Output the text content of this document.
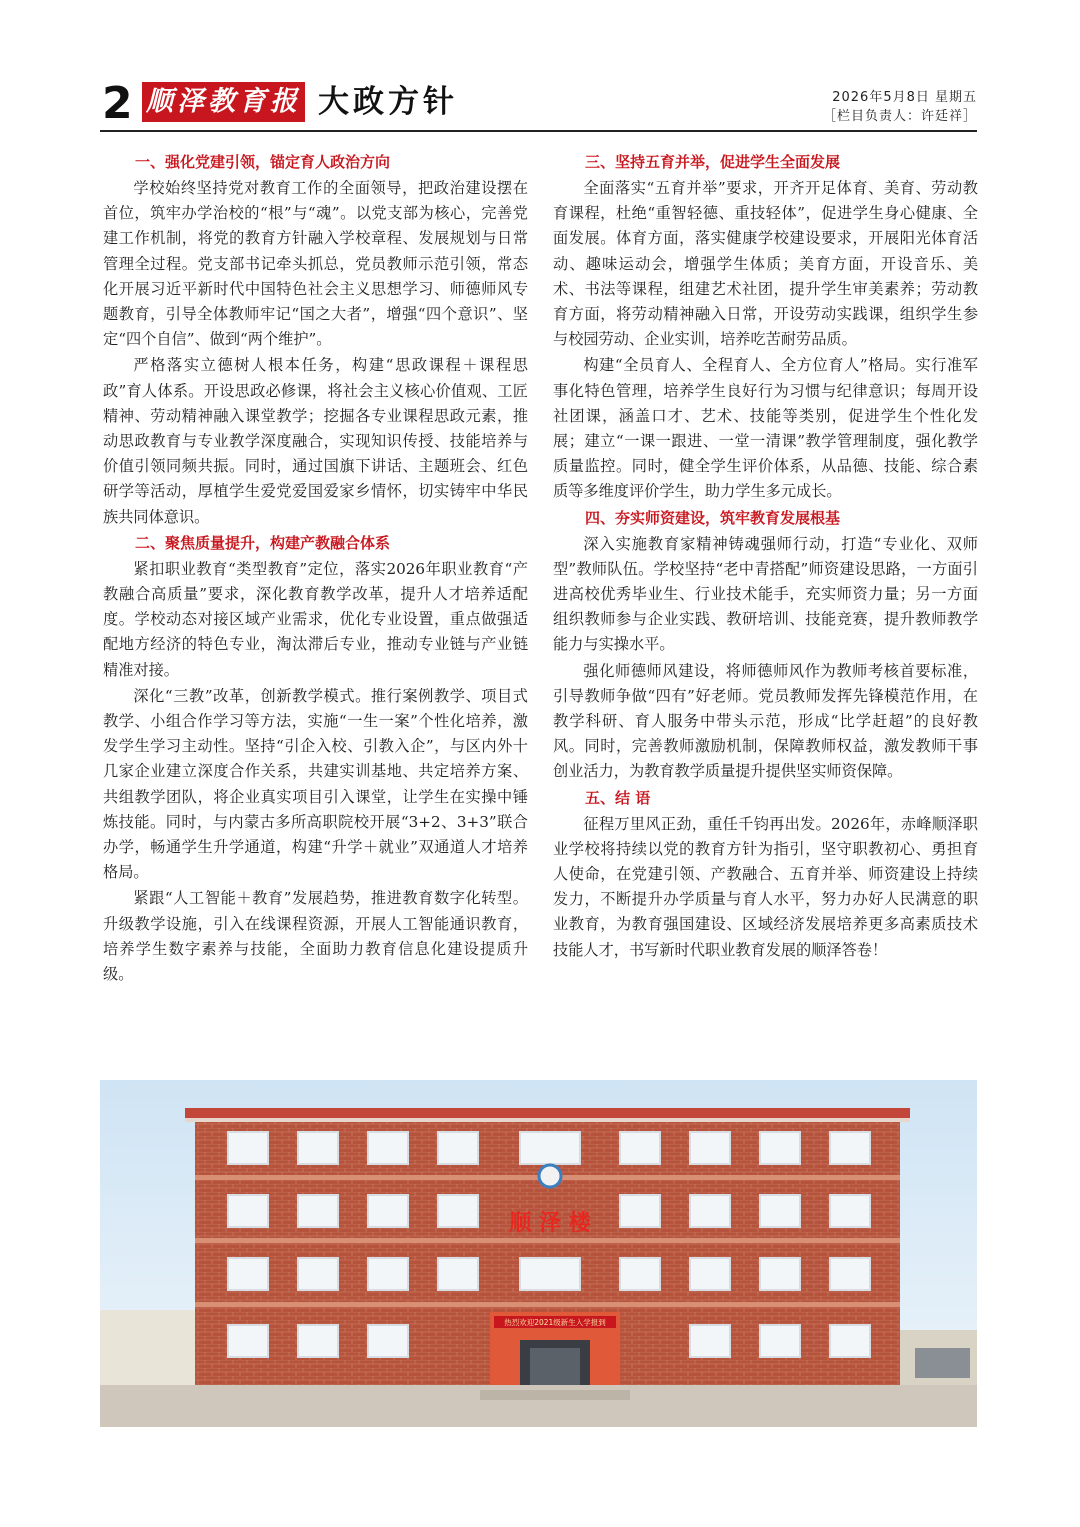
2 顺泽教育报 大政方针	2026年5月8日 星期五
［栏目负责人：许廷祥］
一、强化党建引领，锚定育人政治方向

学校始终坚持党对教育工作的全面领导，把政治建设摆在首位，筑牢办学治校的“根”与“魂”。以党支部为核心，完善党建工作机制，将党的教育方针融入学校章程、发展规划与日常管理全过程。党支部书记牵头抓总，党员教师示范引领，常态化开展习近平新时代中国特色社会主义思想学习、师德师风专题教育，引导全体教师牢记“国之大者”，增强“四个意识”、坚定“四个自信”、做到“两个维护”。

严格落实立德树人根本任务，构建“思政课程＋课程思政”育人体系。开设思政必修课，将社会主义核心价值观、工匠精神、劳动精神融入课堂教学；挖掘各专业课程思政元素，推动思政教育与专业教学深度融合，实现知识传授、技能培养与价值引领同频共振。同时，通过国旗下讲话、主题班会、红色研学等活动，厚植学生爱党爱国爱家乡情怀，切实铸牢中华民族共同体意识。

二、聚焦质量提升，构建产教融合体系

紧扣职业教育“类型教育”定位，落实2026年职业教育“产教融合高质量”要求，深化教育教学改革，提升人才培养适配度。学校动态对接区域产业需求，优化专业设置，重点做强适配地方经济的特色专业，淘汰滞后专业，推动专业链与产业链精准对接。

深化“三教”改革，创新教学模式。推行案例教学、项目式教学、小组合作学习等方法，实施“一生一案”个性化培养，激发学生学习主动性。坚持“引企入校、引教入企”，与区内外十几家企业建立深度合作关系，共建实训基地、共定培养方案、共组教学团队，将企业真实项目引入课堂，让学生在实操中锤炼技能。同时，与内蒙古多所高职院校开展“3+2、3+3”联合办学，畅通学生升学通道，构建“升学＋就业”双通道人才培养格局。

紧跟“人工智能＋教育”发展趋势，推进教育数字化转型。升级教学设施，引入在线课程资源，开展人工智能通识教育，培养学生数字素养与技能，全面助力教育信息化建设提质升级。

三、坚持五育并举，促进学生全面发展

全面落实“五育并举”要求，开齐开足体育、美育、劳动教育课程，杜绝“重智轻德、重技轻体”，促进学生身心健康、全面发展。体育方面，落实健康学校建设要求，开展阳光体育活动、趣味运动会，增强学生体质；美育方面，开设音乐、美术、书法等课程，组建艺术社团，提升学生审美素养；劳动教育方面，将劳动精神融入日常，开设劳动实践课，组织学生参与校园劳动、企业实训，培养吃苦耐劳品质。

构建“全员育人、全程育人、全方位育人”格局。实行准军事化特色管理，培养学生良好行为习惯与纪律意识；每周开设社团课，涵盖口才、艺术、技能等类别，促进学生个性化发展；建立“一课一跟进、一堂一清课”教学管理制度，强化教学质量监控。同时，健全学生评价体系，从品德、技能、综合素质等多维度评价学生，助力学生多元成长。

四、夯实师资建设，筑牢教育发展根基

深入实施教育家精神铸魂强师行动，打造“专业化、双师型”教师队伍。学校坚持“老中青搭配”师资建设思路，一方面引进高校优秀毕业生、行业技术能手，充实师资力量；另一方面组织教师参与企业实践、教研培训、技能竞赛，提升教师教学能力与实操水平。

强化师德师风建设，将师德师风作为教师考核首要标准，引导教师争做“四有”好老师。党员教师发挥先锋模范作用，在教学科研、育人服务中带头示范，形成“比学赶超”的良好教风。同时，完善教师激励机制，保障教师权益，激发教师干事创业活力，为教育教学质量提升提供坚实师资保障。

五、结 语

征程万里风正劲，重任千钧再出发。2026年，赤峰顺泽职业学校将持续以党的教育方针为指引，坚守职教初心、勇担育人使命，在党建引领、产教融合、五育并举、师资建设上持续发力，不断提升办学质量与育人水平，努力办好人民满意的职业教育，为教育强国建设、区域经济发展培养更多高素质技术技能人才，书写新时代职业教育发展的顺泽答卷！

顺 泽 楼
热烈欢迎2021级新生入学报到
